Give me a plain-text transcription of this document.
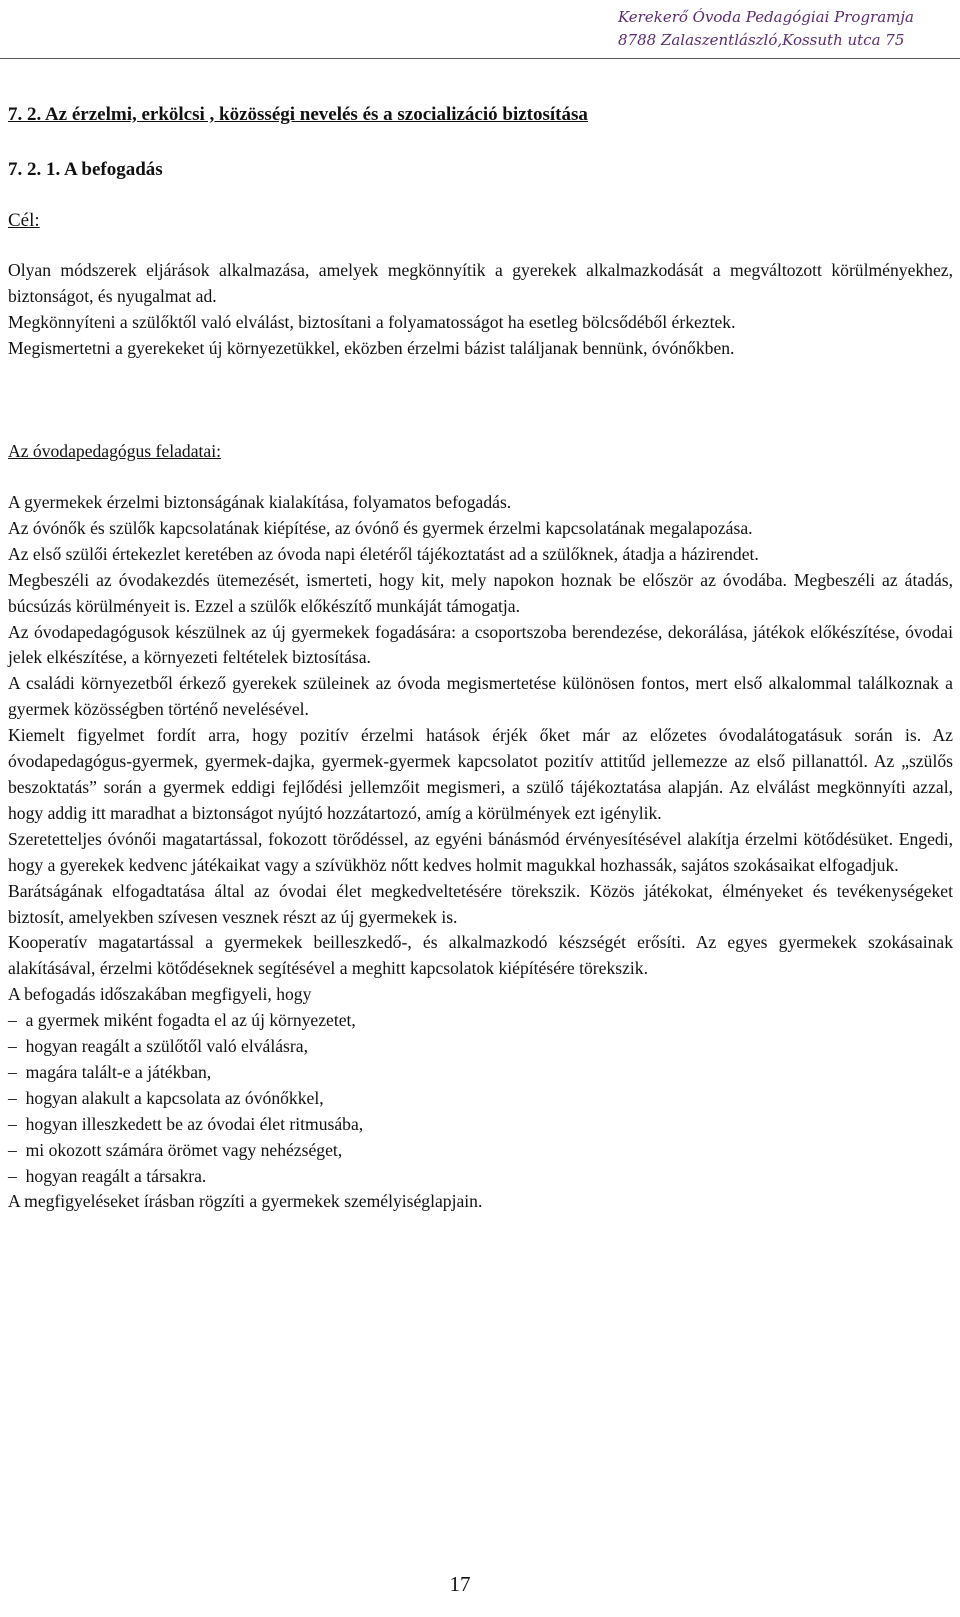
Kerekerő Óvoda Pedagógiai Programja
8788 Zalaszentlászló,Kossuth utca 75
7. 2. Az érzelmi, erkölcsi , közösségi nevelés és a szocializáció biztosítása
7. 2. 1. A befogadás
Cél:

Olyan módszerek eljárások alkalmazása, amelyek megkönnyítik a gyerekek alkalmazkodását a megváltozott körülményekhez, biztonságot, és nyugalmat ad.

Megkönnyíteni a szülőktől való elválást, biztosítani a folyamatosságot ha esetleg bölcsődéből érkeztek.

Megismertetni a gyerekeket új környezetükkel, eközben érzelmi bázist találjanak bennünk, óvónőkben.

Az óvodapedagógus feladatai:

A gyermekek érzelmi biztonságának kialakítása, folyamatos befogadás.

Az óvónők és szülők kapcsolatának kiépítése, az óvónő és gyermek érzelmi kapcsolatának megalapozása.

Az első szülői értekezlet keretében az óvoda napi életéről tájékoztatást ad a szülőknek, átadja a házirendet.

Megbeszéli az óvodakezdés ütemezését, ismerteti, hogy kit, mely napokon hoznak be először az óvodába. Megbeszéli az átadás, búcsúzás körülményeit is. Ezzel a szülők előkészítő munkáját támogatja.

Az óvodapedagógusok készülnek az új gyermekek fogadására: a csoportszoba berendezése, dekorálása, játékok előkészítése, óvodai jelek elkészítése, a környezeti feltételek biztosítása.

A családi környezetből érkező gyerekek szüleinek az óvoda megismertetése különösen fontos, mert első alkalommal találkoznak a gyermek közösségben történő nevelésével.

Kiemelt figyelmet fordít arra, hogy pozitív érzelmi hatások érjék őket már az előzetes óvodalátogatásuk során is. Az óvodapedagógus-gyermek, gyermek-dajka, gyermek-gyermek kapcsolatot pozitív attitűd jellemezze az első pillanattól. Az „szülős beszoktatás” során a gyermek eddigi fejlődési jellemzőit megismeri, a szülő tájékoztatása alapján. Az elválást megkönnyíti azzal, hogy addig itt maradhat a biztonságot nyújtó hozzátartozó, amíg a körülmények ezt igénylik.

Szeretetteljes óvónői magatartással, fokozott törődéssel, az egyéni bánásmód érvényesítésével alakítja érzelmi kötődésüket. Engedi, hogy a gyerekek kedvenc játékaikat vagy a szívükhöz nőtt kedves holmit magukkal hozhassák, sajátos szokásaikat elfogadjuk.

Barátságának elfogadtatása által az óvodai élet megkedveltetésére törekszik. Közös játékokat, élményeket és tevékenységeket biztosít, amelyekben szívesen vesznek részt az új gyermekek is.

Kooperatív magatartással a gyermekek beilleszkedő-, és alkalmazkodó készségét erősíti. Az egyes gyermekek szokásainak alakításával, érzelmi kötődéseknek segítésével a meghitt kapcsolatok kiépítésére törekszik.

A befogadás időszakában megfigyeli, hogy

–  a gyermek miként fogadta el az új környezetet,

–  hogyan reagált a szülőtől való elválásra,

–  magára talált-e a játékban,

–  hogyan alakult a kapcsolata az óvónőkkel,

–  hogyan illeszkedett be az óvodai élet ritmusába,

–  mi okozott számára örömet vagy nehézséget,

–  hogyan reagált a társakra.

A megfigyeléseket írásban rögzíti a gyermekek személyiséglapjain.

17
